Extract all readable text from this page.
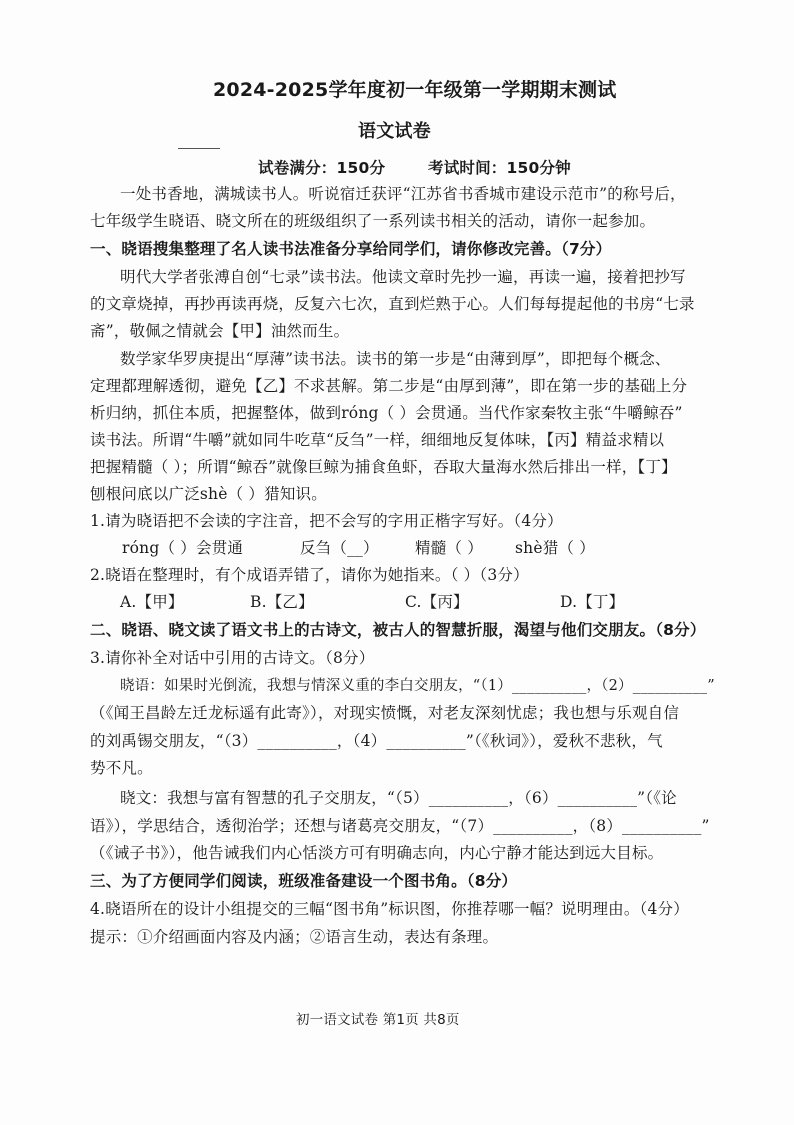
2024-2025学年度初一年级第一学期期末测试
语文试卷
试卷满分：150分	考试时间：150分钟
一处书香地，满城读书人。听说宿迁获评“江苏省书香城市建设示范市”的称号后，
七年级学生晓语、晓文所在的班级组织了一系列读书相关的活动，请你一起参加。
一、晓语搜集整理了名人读书法准备分享给同学们，请你修改完善。（7分）
明代大学者张溥自创“七录”读书法。他读文章时先抄一遍，再读一遍，接着把抄写
的文章烧掉，再抄再读再烧，反复六七次，直到烂熟于心。人们每每提起他的书房“七录
斋”，敬佩之情就会【甲】油然而生。
数学家华罗庚提出“厚薄”读书法。读书的第一步是“由薄到厚”，即把每个概念、
定理都理解透彻，避免【乙】不求甚解。第二步是“由厚到薄”，即在第一步的基础上分
析归纳，抓住本质，把握整体，做到róng（ ）会贯通。当代作家秦牧主张“牛嚼鲸吞”
读书法。所谓“牛嚼”就如同牛吃草“反刍”一样，细细地反复体味，【丙】精益求精以
把握精髓（ ）；所谓“鲸吞”就像巨鲸为捕食鱼虾，吞取大量海水然后排出一样，【丁】
刨根问底以广泛shè（ ）猎知识。
1.请为晓语把不会读的字注音，把不会写的字用正楷字写好。（4分）
róng（ ）会贯通	反刍（__） 精髓（ ） shè猎（ ）
2.晓语在整理时，有个成语弄错了，请你为她指来。（ ）（3分）
A.【甲】	B.【乙】	C.【丙】	D.【丁】
二、晓语、晓文读了语文书上的古诗文，被古人的智慧折服，渴望与他们交朋友。（8分）
3.请你补全对话中引用的古诗文。（8分）
晓语：如果时光倒流，我想与情深义重的李白交朋友，“（1）__________，（2）__________”
（《闻王昌龄左迁龙标遥有此寄》），对现实愤慨，对老友深刻忧虑；我也想与乐观自信
的刘禹锡交朋友，“（3）__________，（4）__________”（《秋词》），爱秋不悲秋，气
势不凡。
晓文：我想与富有智慧的孔子交朋友，“（5）__________，（6）__________”（《论
语》），学思结合，透彻治学；还想与诸葛亮交朋友，“（7）__________，（8）__________”
（《诫子书》），他告诫我们内心恬淡方可有明确志向，内心宁静才能达到远大目标。
三、为了方便同学们阅读，班级准备建设一个图书角。（8分）
4.晓语所在的设计小组提交的三幅“图书角”标识图，你推荐哪一幅？说明理由。（4分）
提示：①介绍画面内容及内涵；②语言生动，表达有条理。
初一语文试卷 第1页 共8页
